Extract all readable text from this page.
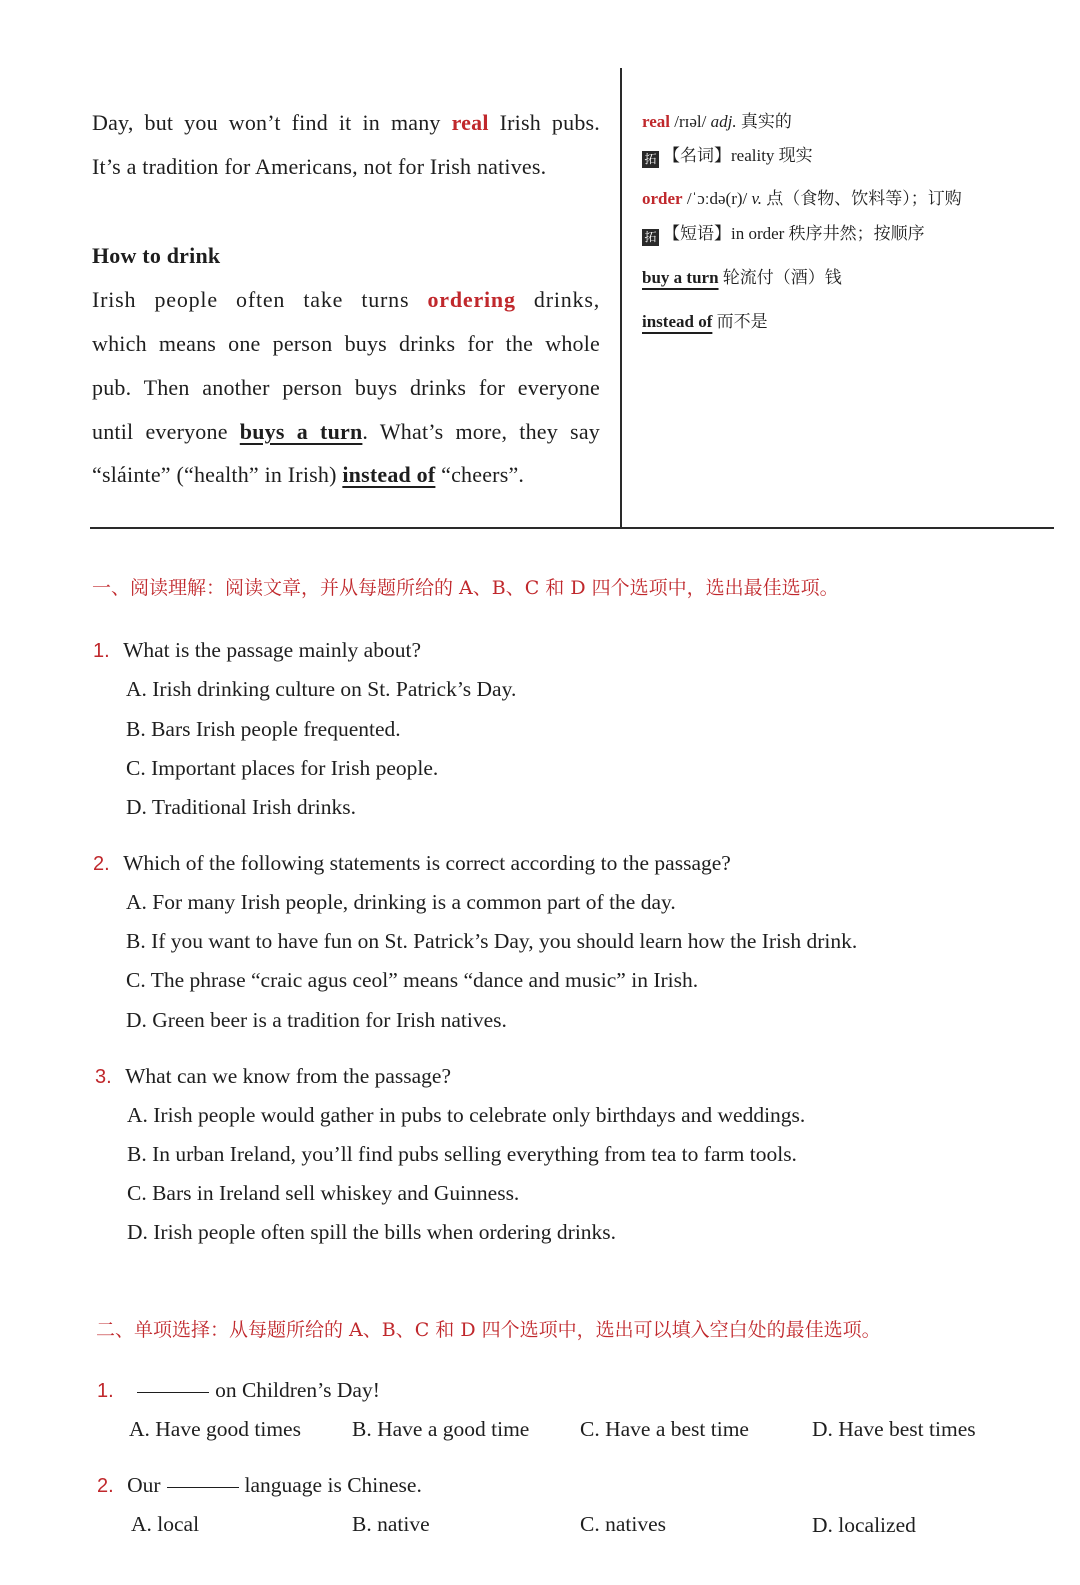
Day, but you won’t find it in many real Irish pubs.
It’s a tradition for Americans, not for Irish natives.
How to drink
Irish people often take turns ordering drinks,
which means one person buys drinks for the whole
pub. Then another person buys drinks for everyone
until everyone buys a turn. What’s more, they say
“sláinte” (“health” in Irish) instead of “cheers”.
real /rɪəl/ adj. 真实的
拓 【名词】reality 现实
order /ˈɔːdə(r)/ v. 点（食物、饮料等）；订购
拓 【短语】in order 秩序井然；按顺序
buy a turn 轮流付（酒）钱
instead of 而不是
一、阅读理解：阅读文章，并从每题所给的 A、B、C 和 D 四个选项中，选出最佳选项。
1. What is the passage mainly about?
A. Irish drinking culture on St. Patrick’s Day.
B. Bars Irish people frequented.
C. Important places for Irish people.
D. Traditional Irish drinks.
2. Which of the following statements is correct according to the passage?
A. For many Irish people, drinking is a common part of the day.
B. If you want to have fun on St. Patrick’s Day, you should learn how the Irish drink.
C. The phrase “craic agus ceol” means “dance and music” in Irish.
D. Green beer is a tradition for Irish natives.
3. What can we know from the passage?
A. Irish people would gather in pubs to celebrate only birthdays and weddings.
B. In urban Ireland, you’ll find pubs selling everything from tea to farm tools.
C. Bars in Ireland sell whiskey and Guinness.
D. Irish people often spill the bills when ordering drinks.
二、单项选择：从每题所给的 A、B、C 和 D 四个选项中，选出可以填入空白处的最佳选项。
1.	on Children’s Day!
A. Have good times B. Have a good time C. Have a best time	D. Have best times
2. Our	language is Chinese.
A. local	B. native	C. natives	D. localized
